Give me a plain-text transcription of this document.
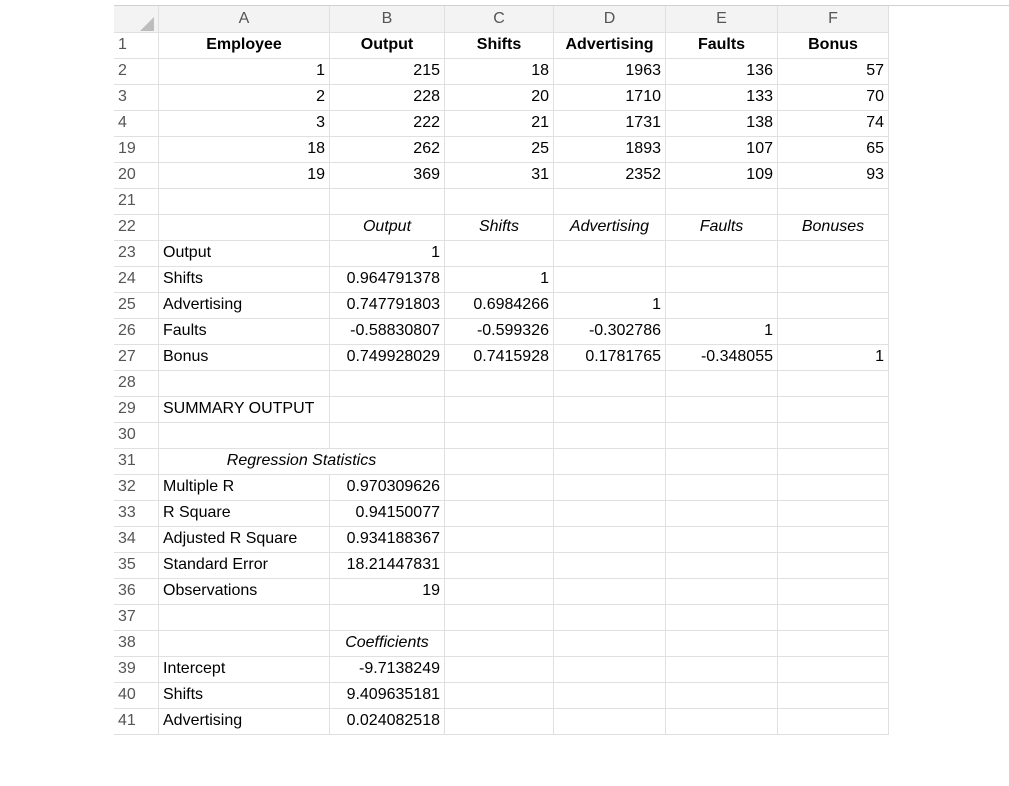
	A	B	C	D	E	F
1	Employee	Output	Shifts	Advertising	Faults	Bonus
2	1	215	18	1963	136	57
3	2	228	20	1710	133	70
4	3	222	21	1731	138	74
19	18	262	25	1893	107	65
20	19	369	31	2352	109	93
21						
22		Output	Shifts	Advertising	Faults	Bonuses
23	Output	1				
24	Shifts	0.964791378	1			
25	Advertising	0.747791803	0.6984266	1		
26	Faults	-0.58830807	-0.599326	-0.302786	1	
27	Bonus	0.749928029	0.7415928	0.1781765	-0.348055	1
28						
29	SUMMARY OUTPUT					
30						
31	Regression Statistics					
32	Multiple R	0.970309626				
33	R Square	0.94150077				
34	Adjusted R Square	0.934188367				
35	Standard Error	18.21447831				
36	Observations	19				
37						
38		Coefficients				
39	Intercept	-9.7138249				
40	Shifts	9.409635181				
41	Advertising	0.024082518				
